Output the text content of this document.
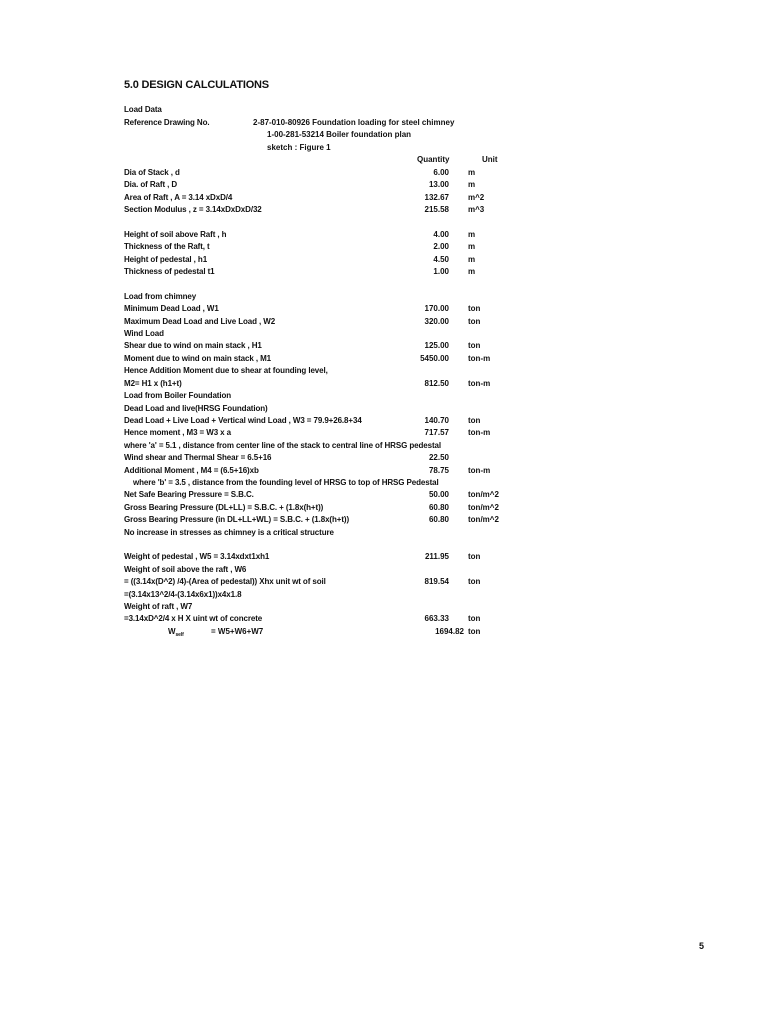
5.0 DESIGN CALCULATIONS
Load Data
Reference Drawing No.	2-87-010-80926 Foundation loading for steel chimney
1-00-281-53214 Boiler foundation plan
sketch : Figure 1
Quantity	Unit
Dia of Stack , d	6.00 m
Dia. of Raft , D	13.00 m
Area of Raft , A = 3.14 xDxD/4	132.67 m^2
Section Modulus , z = 3.14xDxDxD/32	215.58 m^3
Height of soil above Raft , h	4.00 m
Thickness of the Raft, t	2.00 m
Height of pedestal , h1	4.50 m
Thickness of pedestal t1	1.00 m
Load from chimney
Minimum Dead Load , W1	170.00 ton
Maximum Dead Load and Live Load , W2	320.00 ton
Wind Load
Shear due to wind on main stack , H1	125.00 ton
Moment due to wind on main stack , M1	5450.00 ton-m
Hence Addition Moment due to shear at founding level,
M2= H1 x (h1+t)	812.50 ton-m
Load from Boiler Foundation
Dead Load and live(HRSG Foundation)
Dead Load + Live Load + Vertical wind Load , W3 = 79.9+26.8+34	140.70 ton
Hence moment , M3 = W3 x a	717.57 ton-m
where 'a' = 5.1 , distance from center line of the stack to central line of HRSG pedestal
Wind shear and Thermal Shear = 6.5+16	22.50
Additional Moment , M4 = (6.5+16)xb	78.75 ton-m
where 'b' = 3.5 , distance from the founding level of HRSG to top of HRSG Pedestal
Net Safe Bearing Pressure = S.B.C.	50.00 ton/m^2
Gross Bearing Pressure (DL+LL) = S.B.C. + (1.8x(h+t))	60.80 ton/m^2
Gross Bearing Pressure (in DL+LL+WL) = S.B.C. + (1.8x(h+t))	60.80 ton/m^2
No increase in stresses as chimney is a critical structure
Weight of pedestal , W5 = 3.14xdxt1xh1	211.95 ton
Weight of soil above the raft , W6
= ((3.14x(D^2) /4)-(Area of pedestal)) Xhx unit wt of soil	819.54 ton
=(3.14x13^2/4-(3.14x6x1))x4x1.8
Weight of raft , W7
=3.14xD^2/4 x H X uint wt of concrete	663.33 ton
$W_{self}$	= W5+W6+W7	1694.82 ton
5
